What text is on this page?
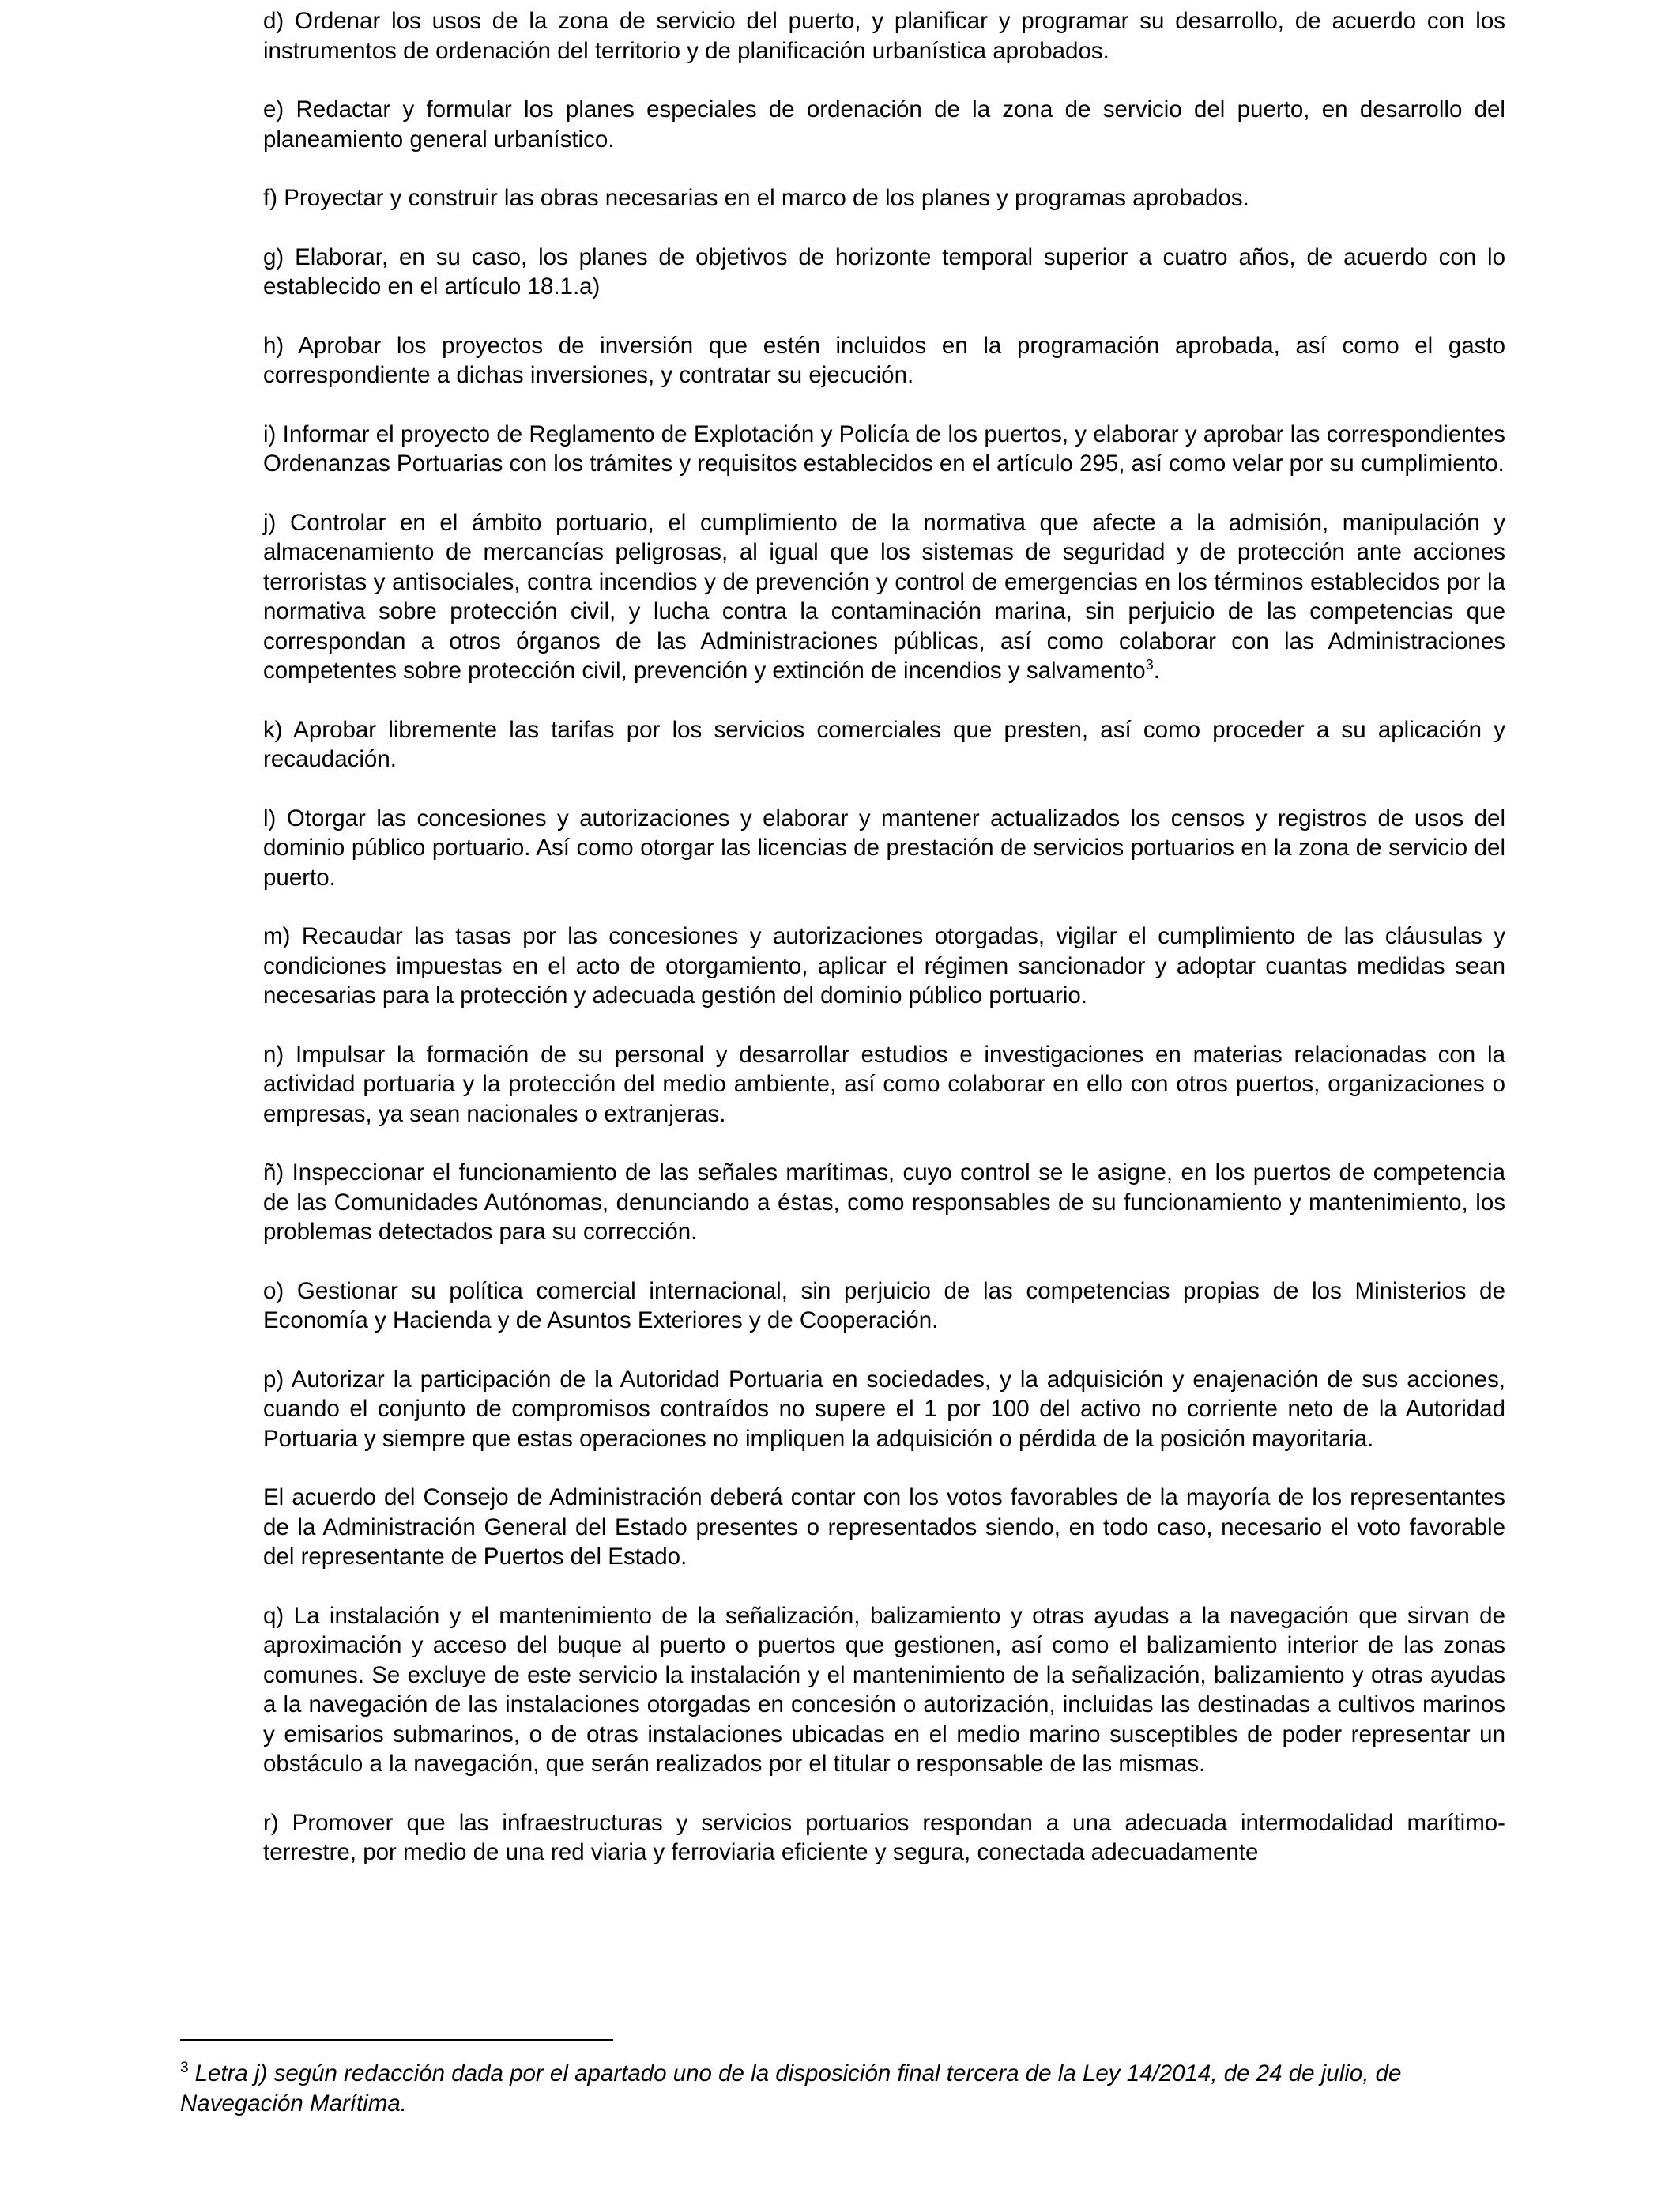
d) Ordenar los usos de la zona de servicio del puerto, y planificar y programar su desarrollo, de acuerdo con los instrumentos de ordenación del territorio y de planificación urbanística aprobados.

e) Redactar y formular los planes especiales de ordenación de la zona de servicio del puerto, en desarrollo del planeamiento general urbanístico.

f) Proyectar y construir las obras necesarias en el marco de los planes y programas aprobados.

g) Elaborar, en su caso, los planes de objetivos de horizonte temporal superior a cuatro años, de acuerdo con lo establecido en el artículo 18.1.a)

h) Aprobar los proyectos de inversión que estén incluidos en la programación aprobada, así como el gasto correspondiente a dichas inversiones, y contratar su ejecución.

i) Informar el proyecto de Reglamento de Explotación y Policía de los puertos, y elaborar y aprobar las correspondientes Ordenanzas Portuarias con los trámites y requisitos establecidos en el artículo 295, así como velar por su cumplimiento.

j) Controlar en el ámbito portuario, el cumplimiento de la normativa que afecte a la admisión, manipulación y almacenamiento de mercancías peligrosas, al igual que los sistemas de seguridad y de protección ante acciones terroristas y antisociales, contra incendios y de prevención y control de emergencias en los términos establecidos por la normativa sobre protección civil, y lucha contra la contaminación marina, sin perjuicio de las competencias que correspondan a otros órganos de las Administraciones públicas, así como colaborar con las Administraciones competentes sobre protección civil, prevención y extinción de incendios y salvamento$^3$.

k) Aprobar libremente las tarifas por los servicios comerciales que presten, así como proceder a su aplicación y recaudación.

l) Otorgar las concesiones y autorizaciones y elaborar y mantener actualizados los censos y registros de usos del dominio público portuario. Así como otorgar las licencias de prestación de servicios portuarios en la zona de servicio del puerto.

m) Recaudar las tasas por las concesiones y autorizaciones otorgadas, vigilar el cumplimiento de las cláusulas y condiciones impuestas en el acto de otorgamiento, aplicar el régimen sancionador y adoptar cuantas medidas sean necesarias para la protección y adecuada gestión del dominio público portuario.

n) Impulsar la formación de su personal y desarrollar estudios e investigaciones en materias relacionadas con la actividad portuaria y la protección del medio ambiente, así como colaborar en ello con otros puertos, organizaciones o empresas, ya sean nacionales o extranjeras.

ñ) Inspeccionar el funcionamiento de las señales marítimas, cuyo control se le asigne, en los puertos de competencia de las Comunidades Autónomas, denunciando a éstas, como responsables de su funcionamiento y mantenimiento, los problemas detectados para su corrección.

o) Gestionar su política comercial internacional, sin perjuicio de las competencias propias de los Ministerios de Economía y Hacienda y de Asuntos Exteriores y de Cooperación.

p) Autorizar la participación de la Autoridad Portuaria en sociedades, y la adquisición y enajenación de sus acciones, cuando el conjunto de compromisos contraídos no supere el 1 por 100 del activo no corriente neto de la Autoridad Portuaria y siempre que estas operaciones no impliquen la adquisición o pérdida de la posición mayoritaria.

El acuerdo del Consejo de Administración deberá contar con los votos favorables de la mayoría de los representantes de la Administración General del Estado presentes o representados siendo, en todo caso, necesario el voto favorable del representante de Puertos del Estado.

q) La instalación y el mantenimiento de la señalización, balizamiento y otras ayudas a la navegación que sirvan de aproximación y acceso del buque al puerto o puertos que gestionen, así como el balizamiento interior de las zonas comunes. Se excluye de este servicio la instalación y el mantenimiento de la señalización, balizamiento y otras ayudas a la navegación de las instalaciones otorgadas en concesión o autorización, incluidas las destinadas a cultivos marinos y emisarios submarinos, o de otras instalaciones ubicadas en el medio marino susceptibles de poder representar un obstáculo a la navegación, que serán realizados por el titular o responsable de las mismas.

r) Promover que las infraestructuras y servicios portuarios respondan a una adecuada intermodalidad marítimo-terrestre, por medio de una red viaria y ferroviaria eficiente y segura, conectada adecuadamente

$^3$ Letra j) según redacción dada por el apartado uno de la disposición final tercera de la Ley 14/2014, de 24 de julio, de Navegación Marítima.
